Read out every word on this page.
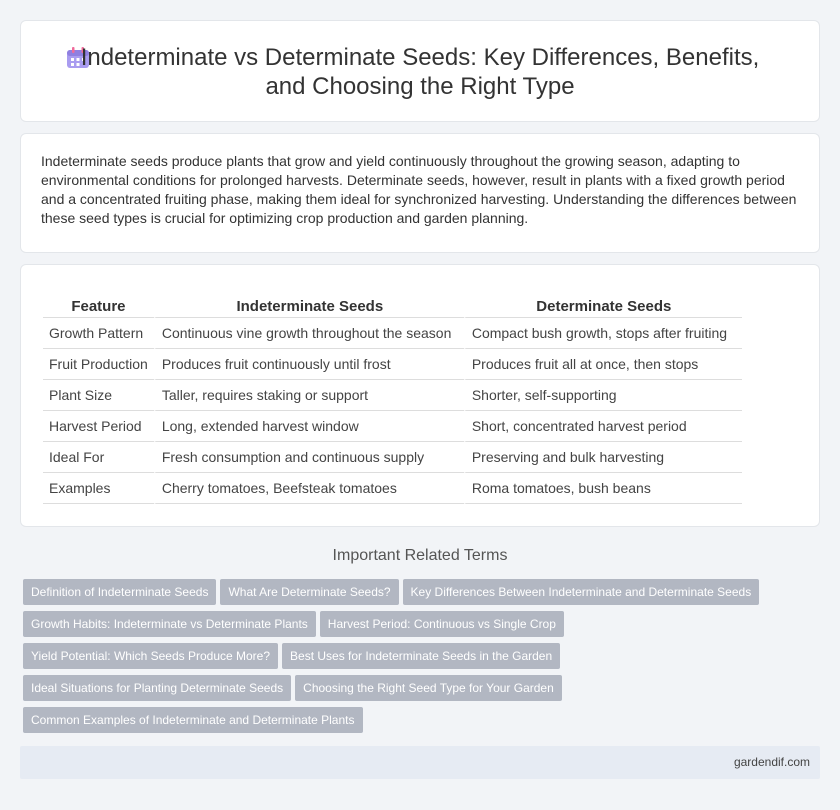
Indeterminate vs Determinate Seeds: Key Differences, Benefits, and Choosing the Right Type

Indeterminate seeds produce plants that grow and yield continuously throughout the growing season, adapting to environmental conditions for prolonged harvests. Determinate seeds, however, result in plants with a fixed growth period and a concentrated fruiting phase, making them ideal for synchronized harvesting. Understanding the differences between these seed types is crucial for optimizing crop production and garden planning.

Feature	Indeterminate Seeds	Determinate Seeds
Growth Pattern	Continuous vine growth throughout the season	Compact bush growth, stops after fruiting
Fruit Production	Produces fruit continuously until frost	Produces fruit all at once, then stops
Plant Size	Taller, requires staking or support	Shorter, self-supporting
Harvest Period	Long, extended harvest window	Short, concentrated harvest period
Ideal For	Fresh consumption and continuous supply	Preserving and bulk harvesting
Examples	Cherry tomatoes, Beefsteak tomatoes	Roma tomatoes, bush beans
Important Related Terms
Definition of Indeterminate Seeds What Are Determinate Seeds? Key Differences Between Indeterminate and Determinate Seeds
Growth Habits: Indeterminate vs Determinate Plants Harvest Period: Continuous vs Single Crop
Yield Potential: Which Seeds Produce More? Best Uses for Indeterminate Seeds in the Garden
Ideal Situations for Planting Determinate Seeds Choosing the Right Seed Type for Your Garden
Common Examples of Indeterminate and Determinate Plants
gardendif.com
